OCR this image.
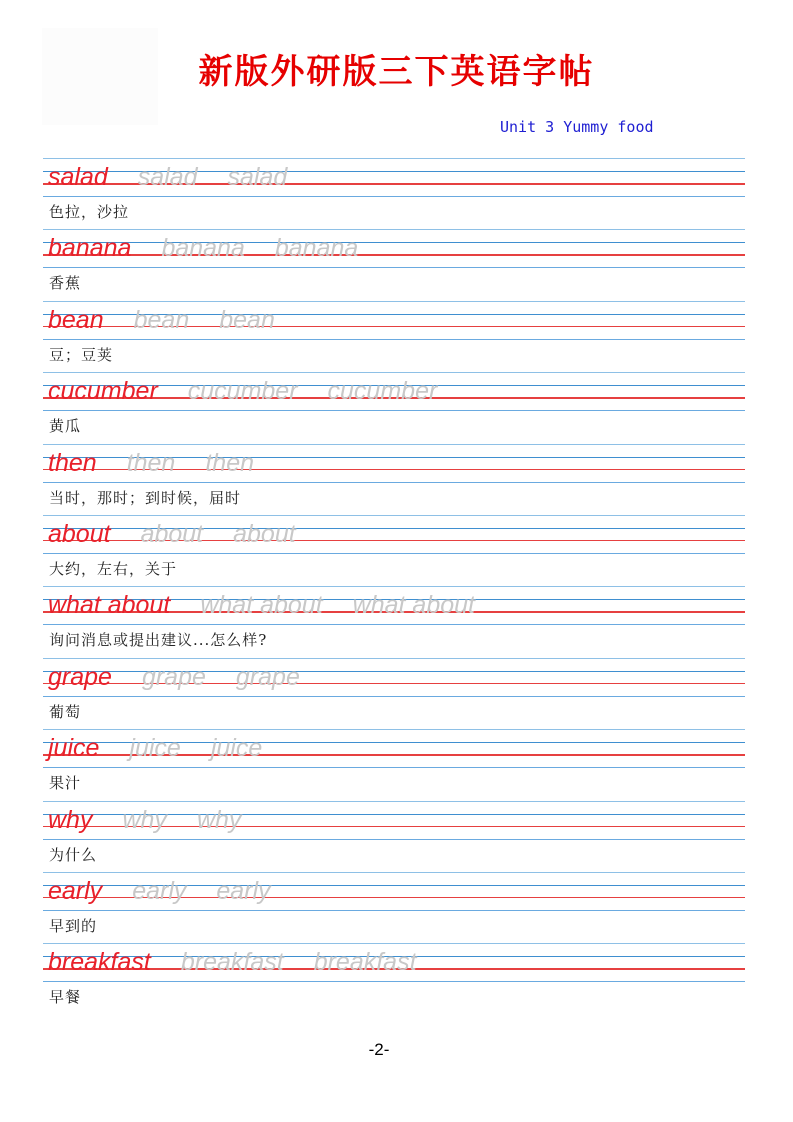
新版外研版三下英语字帖
Unit 3 Yummy food
salad salad salad
色拉，沙拉
banana banana banana
香蕉
bean bean bean
豆；豆荚
cucumber cucumber cucumber
黄瓜
then then then
当时，那时；到时候，届时
about about about
大约，左右，关于
what about what about what about
询问消息或提出建议...怎么样?
grape grape grape
葡萄
juice juice juice
果汁
why why why
为什么
early early early
早到的
breakfast breakfast breakfast
早餐
-2-
